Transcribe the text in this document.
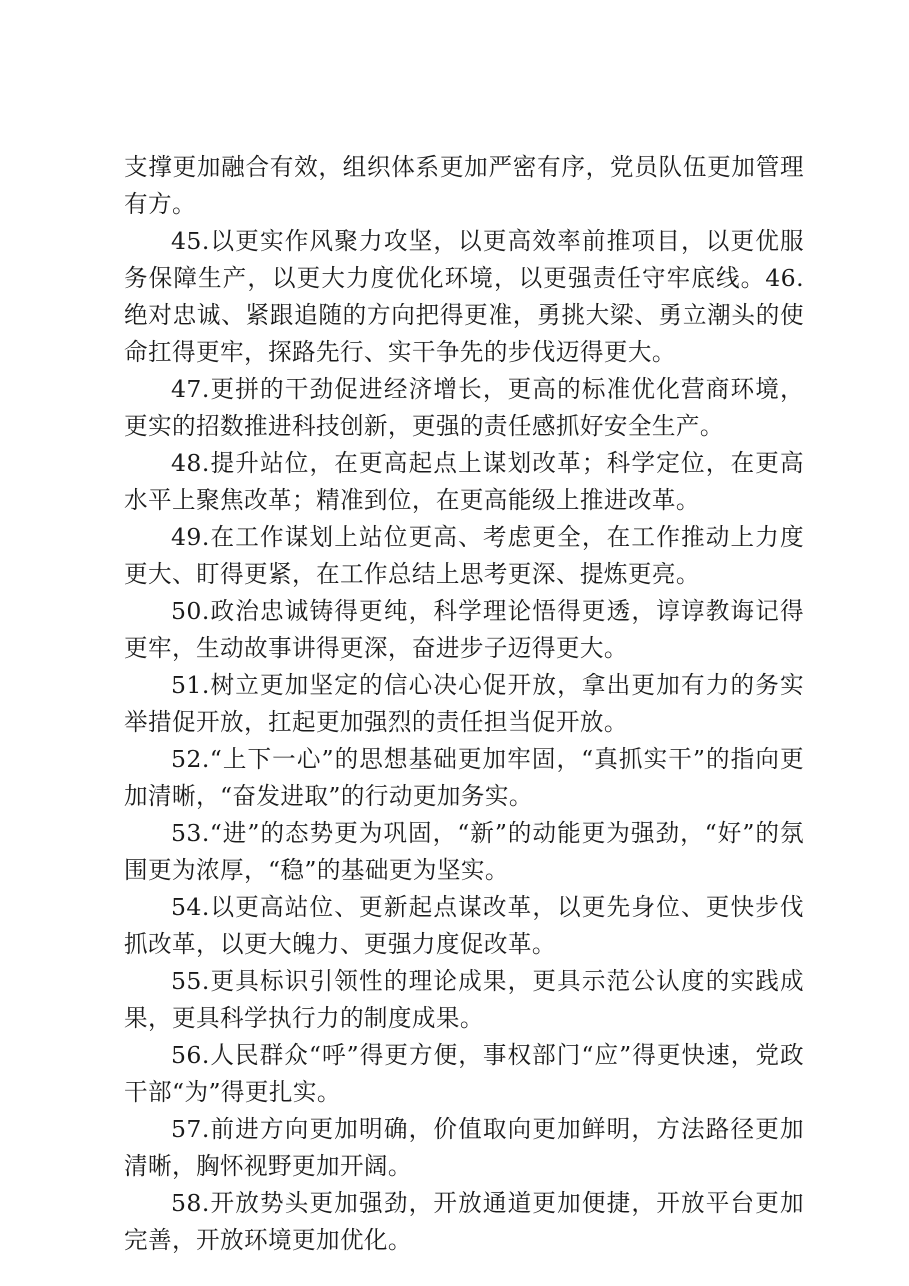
支撑更加融合有效，组织体系更加严密有序，党员队伍更加管理有方。

45.以更实作风聚力攻坚，以更高效率前推项目，以更优服务保障生产，以更大力度优化环境，以更强责任守牢底线。46.绝对忠诚、紧跟追随的方向把得更准，勇挑大梁、勇立潮头的使命扛得更牢，探路先行、实干争先的步伐迈得更大。

47.更拼的干劲促进经济增长，更高的标准优化营商环境，更实的招数推进科技创新，更强的责任感抓好安全生产。

48.提升站位，在更高起点上谋划改革；科学定位，在更高水平上聚焦改革；精准到位，在更高能级上推进改革。

49.在工作谋划上站位更高、考虑更全，在工作推动上力度更大、盯得更紧，在工作总结上思考更深、提炼更亮。

50.政治忠诚铸得更纯，科学理论悟得更透，谆谆教诲记得更牢，生动故事讲得更深，奋进步子迈得更大。

51.树立更加坚定的信心决心促开放，拿出更加有力的务实举措促开放，扛起更加强烈的责任担当促开放。

52.“上下一心”的思想基础更加牢固，“真抓实干”的指向更加清晰，“奋发进取”的行动更加务实。

53.“进”的态势更为巩固，“新”的动能更为强劲，“好”的氛围更为浓厚，“稳”的基础更为坚实。

54.以更高站位、更新起点谋改革，以更先身位、更快步伐抓改革，以更大魄力、更强力度促改革。

55.更具标识引领性的理论成果，更具示范公认度的实践成果，更具科学执行力的制度成果。

56.人民群众“呼”得更方便，事权部门“应”得更快速，党政干部“为”得更扎实。

57.前进方向更加明确，价值取向更加鲜明，方法路径更加清晰，胸怀视野更加开阔。

58.开放势头更加强劲，开放通道更加便捷，开放平台更加完善，开放环境更加优化。
